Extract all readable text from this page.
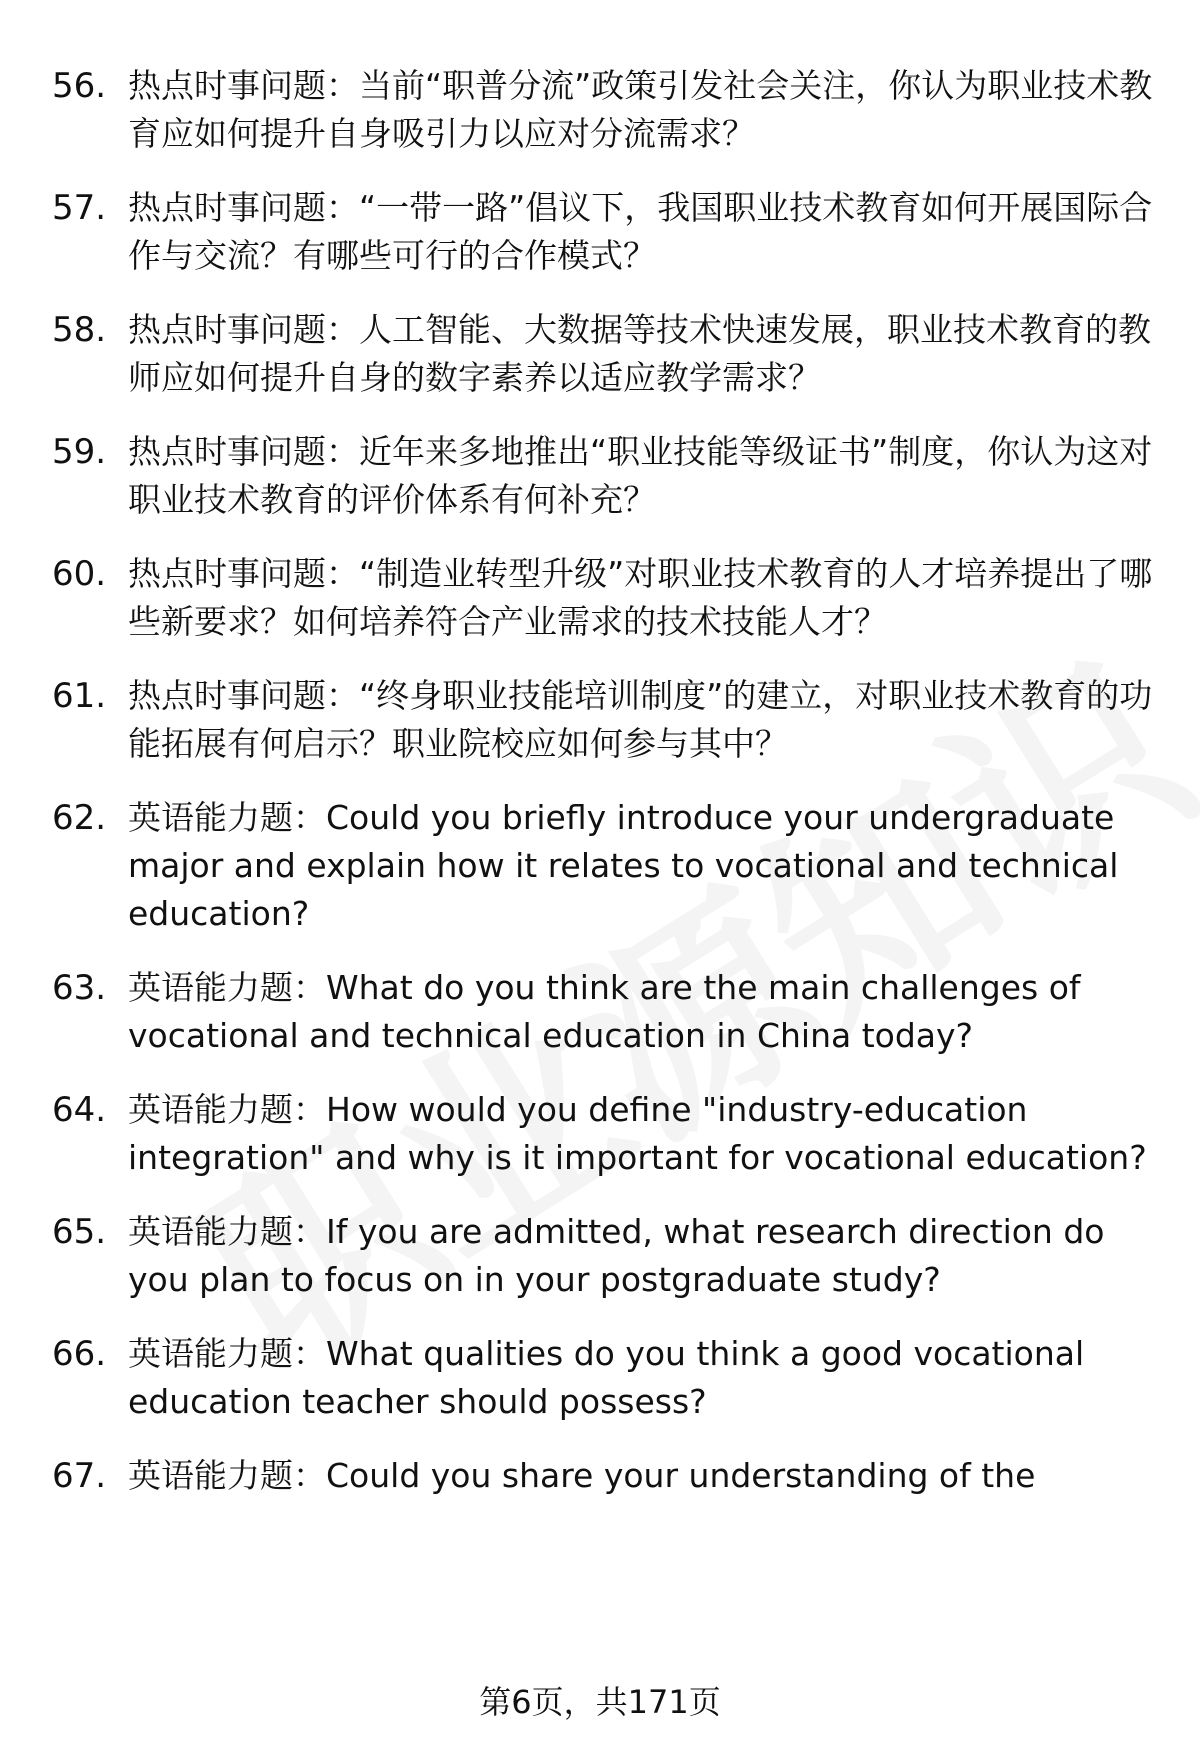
56. 热点时事问题：当前“职普分流”政策引发社会关注，你认为职业技术教育应如何提升自身吸引力以应对分流需求？
57. 热点时事问题：“一带一路”倡议下，我国职业技术教育如何开展国际合作与交流？有哪些可行的合作模式？
58. 热点时事问题：人工智能、大数据等技术快速发展，职业技术教育的教师应如何提升自身的数字素养以适应教学需求？
59. 热点时事问题：近年来多地推出“职业技能等级证书”制度，你认为这对职业技术教育的评价体系有何补充？
60. 热点时事问题：“制造业转型升级”对职业技术教育的人才培养提出了哪些新要求？如何培养符合产业需求的技术技能人才？
61. 热点时事问题：“终身职业技能培训制度”的建立，对职业技术教育的功能拓展有何启示？职业院校应如何参与其中？
62. 英语能力题：Could you briefly introduce your undergraduate major and explain how it relates to vocational and technical education?
63. 英语能力题：What do you think are the main challenges of vocational and technical education in China today?
64. 英语能力题：How would you define "industry-education integration" and why is it important for vocational education?
65. 英语能力题：If you are admitted, what research direction do you plan to focus on in your postgraduate study?
66. 英语能力题：What qualities do you think a good vocational education teacher should possess?
67. 英语能力题：Could you share your understanding of the
第6页，共171页
